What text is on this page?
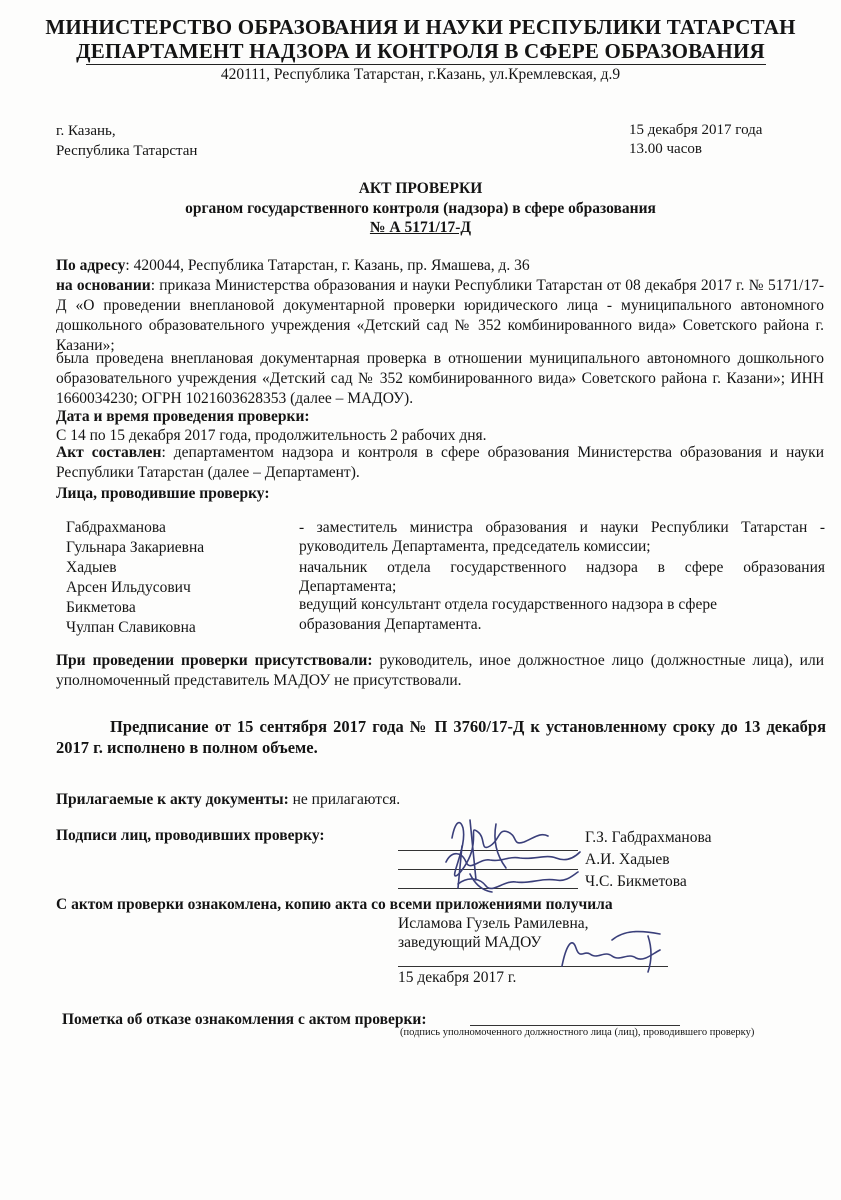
МИНИСТЕРСТВО ОБРАЗОВАНИЯ И НАУКИ РЕСПУБЛИКИ ТАТАРСТАН
ДЕПАРТАМЕНТ НАДЗОРА И КОНТРОЛЯ В СФЕРЕ ОБРАЗОВАНИЯ
420111, Республика Татарстан, г.Казань, ул.Кремлевская, д.9
г. Казань,
Республика Татарстан
15 декабря 2017 года
13.00 часов
АКТ ПРОВЕРКИ
органом государственного контроля (надзора) в сфере образования
№ А 5171/17-Д
По адресу: 420044, Республика Татарстан, г. Казань, пр. Ямашева, д. 36
на основании: приказа Министерства образования и науки Республики Татарстан от 08 декабря 2017 г. № 5171/17-Д «О проведении внеплановой документарной проверки юридического лица - муниципального автономного дошкольного образовательного учреждения «Детский сад № 352 комбинированного вида» Советского района г. Казани»;
была проведена внеплановая документарная проверка в отношении муниципального автономного дошкольного образовательного учреждения «Детский сад № 352 комбинированного вида» Советского района г. Казани»; ИНН 1660034230; ОГРН 1021603628353 (далее – МАДОУ).
Дата и время проведения проверки:
С 14 по 15 декабря 2017 года, продолжительность 2 рабочих дня.
Акт составлен: департаментом надзора и контроля в сфере образования Министерства образования и науки Республики Татарстан (далее – Департамент).
Лица, проводившие проверку:
Габдрахманова
Гульнара Закариевна
Хадыев
Арсен Ильдусович
Бикметова
Чулпан Славиковна
- заместитель министра образования и науки Республики Татарстан -
руководитель Департамента, председатель комиссии;
начальник отдела государственного надзора в сфере образования
Департамента;
ведущий консультант отдела государственного надзора в сфере
образования Департамента.
При проведении проверки присутствовали: руководитель, иное должностное лицо (должностные лица), или уполномоченный представитель МАДОУ не присутствовали.
Предписание от 15 сентября 2017 года № П 3760/17-Д к установленному сроку до 13 декабря 2017 г. исполнено в полном объеме.
Прилагаемые к акту документы: не прилагаются.
Подписи лиц, проводивших проверку:	Г.З. Габдрахманова
А.И. Хадыев
Ч.С. Бикметова
С актом проверки ознакомлена, копию акта со всеми приложениями получила
Исламова Гузель Рамилевна,
заведующий МАДОУ
15 декабря 2017 г.
Пометка об отказе ознакомления с актом проверки:
(подпись уполномоченного должностного лица (лиц), проводившего проверку)
